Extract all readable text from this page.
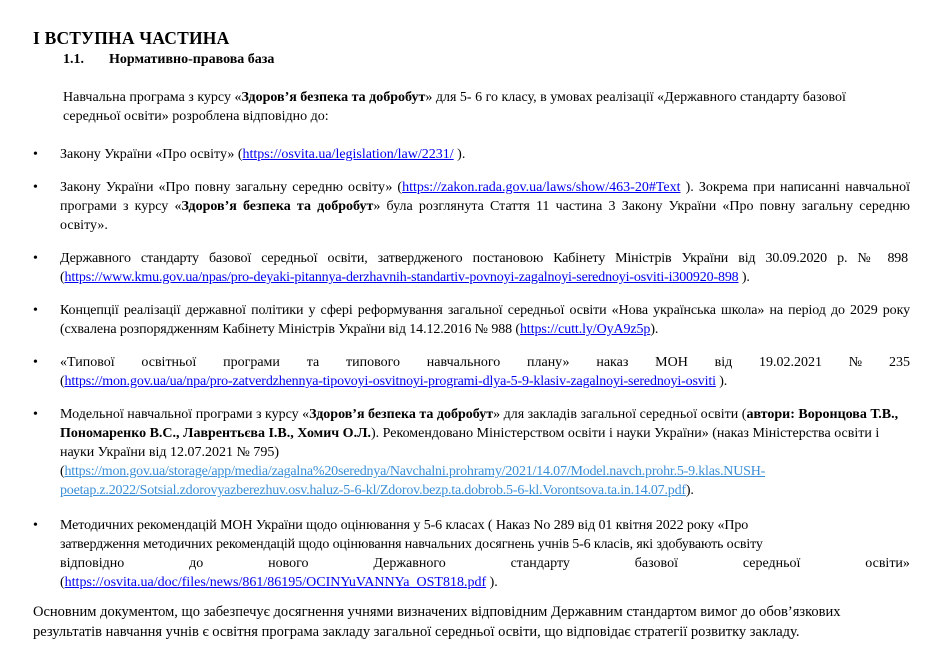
I ВСТУПНА ЧАСТИНА
1.1. Нормативно-правова база
Навчальна програма з курсу «Здоров’я безпека та добробут» для 5- 6 го класу, в умовах реалізації «Державного стандарту базової середньої освіти» розроблена відповідно до:
• Закону України «Про освіту» (https://osvita.ua/legislation/law/2231/ ).
• Закону України «Про повну загальну середню освіту» (https://zakon.rada.gov.ua/laws/show/463-20#Text ). Зокрема при написанні навчальної програми з курсу «Здоров’я безпека та добробут» була розглянута Стаття 11 частина 3 Закону України «Про повну загальну середню освіту».
• Державного стандарту базової середньої освіти, затвердженого постановою Кабінету Міністрів України від 30.09.2020 р. № 898 (https://www.kmu.gov.ua/npas/pro-deyaki-pitannya-derzhavnih-standartiv-povnoyi-zagalnoyi-serednoyi-osviti-i300920-898 ).
• Концепції реалізації державної політики у сфері реформування загальної середньої освіти «Нова українська школа» на період до 2029 року (схвалена розпорядженням Кабінету Міністрів України від 14.12.2016 № 988 (https://cutt.ly/OyA9z5p).
• «Типової освітньої програми та типового навчального плану» наказ МОН від 19.02.2021 № 235
(https://mon.gov.ua/ua/npa/pro-zatverdzhennya-tipovoyi-osvitnoyi-programi-dlya-5-9-klasiv-zagalnoyi-serednoyi-osviti ).
• Модельної навчальної програми з курсу «Здоров’я безпека та добробут» для закладів загальної середньої освіти (автори: Воронцова Т.В., Пономаренко В.С., Лаврентьєва І.В., Хомич О.Л.). Рекомендовано Міністерством освіти і науки України» (наказ Міністерства освіти і науки України від 12.07.2021 № 795)
(https://mon.gov.ua/storage/app/media/zagalna%20serednya/Navchalni.prohramy/2021/14.07/Model.navch.prohr.5-9.klas.NUSH-
poetap.z.2022/Sotsial.zdorovyazberezhuv.osv.haluz-5-6-kl/Zdorov.bezp.ta.dobrob.5-6-kl.Vorontsova.ta.in.14.07.pdf).
• Методичних рекомендацій МОН України щодо оцінювання у 5-6 класах ( Наказ No 289 від 01 квітня 2022 року «Про
затвердження методичних рекомендацій щодо оцінювання навчальних досягнень учнів 5-6 класів, які здобувають освіту
відповідно	до	нового	Державного	стандарту	базової	середньої	освіти»
(https://osvita.ua/doc/files/news/861/86195/OCINYuVANNYa_OST818.pdf ).
Основним документом, що забезпечує досягнення учнями визначених відповідним Державним стандартом вимог до обов’язкових результатів навчання учнів є освітня програма закладу загальної середньої освіти, що відповідає стратегії розвитку закладу.
